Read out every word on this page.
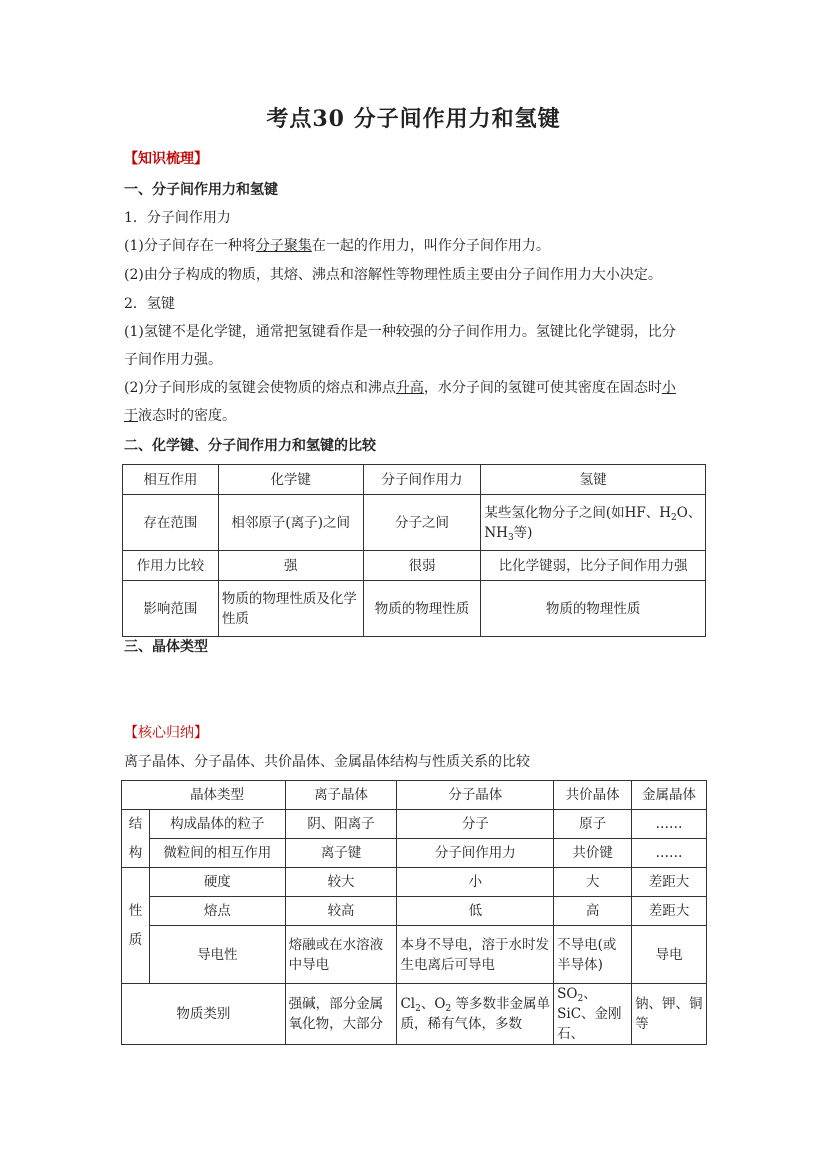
考点30 分子间作用力和氢键
【知识梳理】
一、分子间作用力和氢键
1．分子间作用力
(1)分子间存在一种将分子聚集在一起的作用力，叫作分子间作用力。
(2)由分子构成的物质，其熔、沸点和溶解性等物理性质主要由分子间作用力大小决定。
2．氢键
(1)氢键不是化学键，通常把氢键看作是一种较强的分子间作用力。氢键比化学键弱，比分
子间作用力强。
(2)分子间形成的氢键会使物质的熔点和沸点升高，水分子间的氢键可使其密度在固态时小
于液态时的密度。
二、化学键、分子间作用力和氢键的比较
相互作用	化学键	分子间作用力	氢键
存在范围	相邻原子(离子)之间	分子之间	某些氢化物分子之间(如HF、$H_2O$、
$NH_3$等)
作用力比较	强	很弱	比化学键弱，比分子间作用力强
影响范围	物质的物理性质及化学性质	物质的物理性质	物质的物理性质
三、晶体类型
【核心归纳】
离子晶体、分子晶体、共价晶体、金属晶体结构与性质关系的比较
	晶体类型	离子晶体	分子晶体	共价晶体	金属晶体
结	构成晶体的粒子	阴、阳离子	分子	原子	……
构	微粒间的相互作用	离子键	分子间作用力	共价键	……
	硬度	较大	小	大	差距大
性	熔点	较高	低	高	差距大
质	导电性	熔融或在水溶液中导电	本身不导电，溶于水时发生电离后可导电	不导电(或半导体)	导电
物质类别		强碱，部分金属氧化物，大部分	$Cl_2$、$O_2$ 等多数非金属单质，稀有气体，多数	$SO_2$、SiC、金刚石、	钠、钾、铜等
